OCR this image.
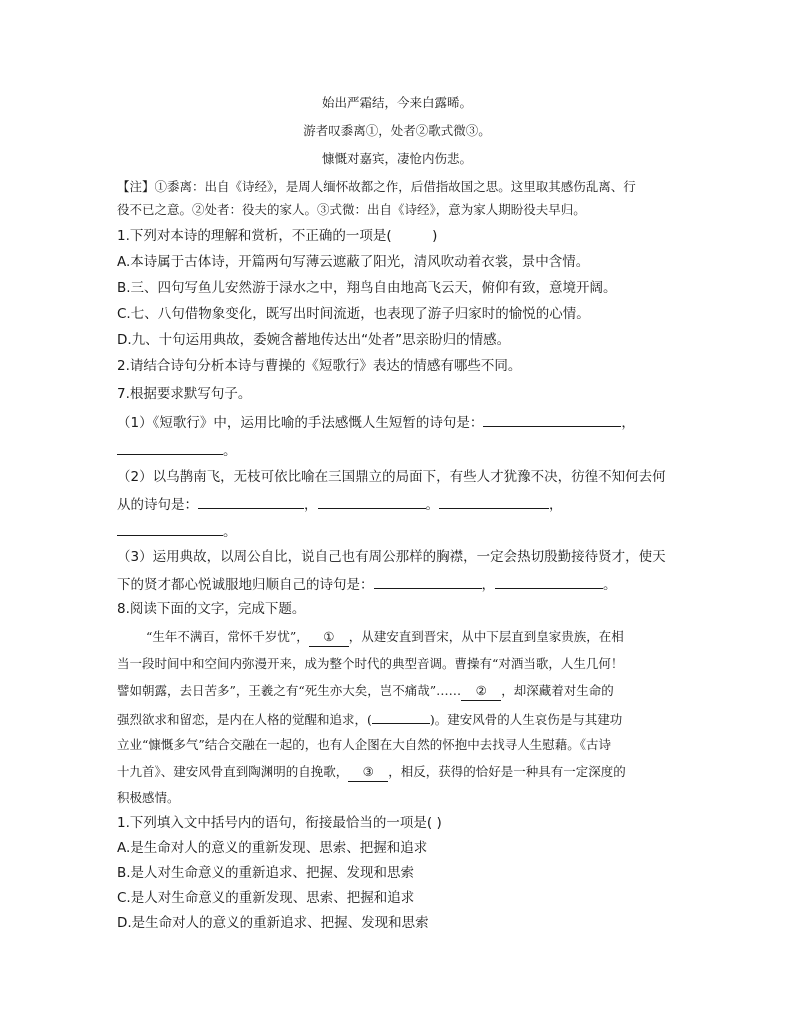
始出严霜结，今来白露晞。
游者叹黍离①，处者②歌式微③。
慷慨对嘉宾，凄怆内伤悲。
【注】①黍离：出自《诗经》，是周人缅怀故都之作，后借指故国之思。这里取其感伤乱离、行
役不已之意。②处者：役夫的家人。③式微：出自《诗经》，意为家人期盼役夫早归。
1.下列对本诗的理解和赏析，不正确的一项是(　　　)
A.本诗属于古体诗，开篇两句写薄云遮蔽了阳光，清风吹动着衣裳，景中含情。
B.三、四句写鱼儿安然游于渌水之中，翔鸟自由地高飞云天，俯仰有致，意境开阔。
C.七、八句借物象变化，既写出时间流逝，也表现了游子归家时的愉悦的心情。
D.九、十句运用典故，委婉含蓄地传达出“处者”思亲盼归的情感。
2.请结合诗句分析本诗与曹操的《短歌行》表达的情感有哪些不同。
7.根据要求默写句子。
（1）《短歌行》中，运用比喻的手法感慨人生短暂的诗句是：	，
。
（2）以乌鹊南飞，无枝可依比喻在三国鼎立的局面下，有些人才犹豫不决，彷徨不知何去何
从的诗句是：	，	。	，
。
（3）运用典故，以周公自比，说自己也有周公那样的胸襟，一定会热切殷勤接待贤才，使天
下的贤才都心悦诚服地归顺自己的诗句是：	，	。
8.阅读下面的文字，完成下题。
“生年不满百，常怀千岁忧”， ① ，从建安直到晋宋，从中下层直到皇家贵族，在相
当一段时间中和空间内弥漫开来，成为整个时代的典型音调。曹操有“对酒当歌，人生几何！
譬如朝露，去日苦多”，王羲之有“死生亦大矣，岂不痛哉”…… ② ，却深藏着对生命的
强烈欲求和留恋，是内在人格的觉醒和追求，(	)。建安风骨的人生哀伤是与其建功
立业“慷慨多气”结合交融在一起的，也有人企图在大自然的怀抱中去找寻人生慰藉。《古诗
十九首》、建安风骨直到陶渊明的自挽歌， ③ ，相反，获得的恰好是一种具有一定深度的
积极感情。
1.下列填入文中括号内的语句，衔接最恰当的一项是( )
A.是生命对人的意义的重新发现、思索、把握和追求
B.是人对生命意义的重新追求、把握、发现和思索
C.是人对生命意义的重新发现、思索、把握和追求
D.是生命对人的意义的重新追求、把握、发现和思索
